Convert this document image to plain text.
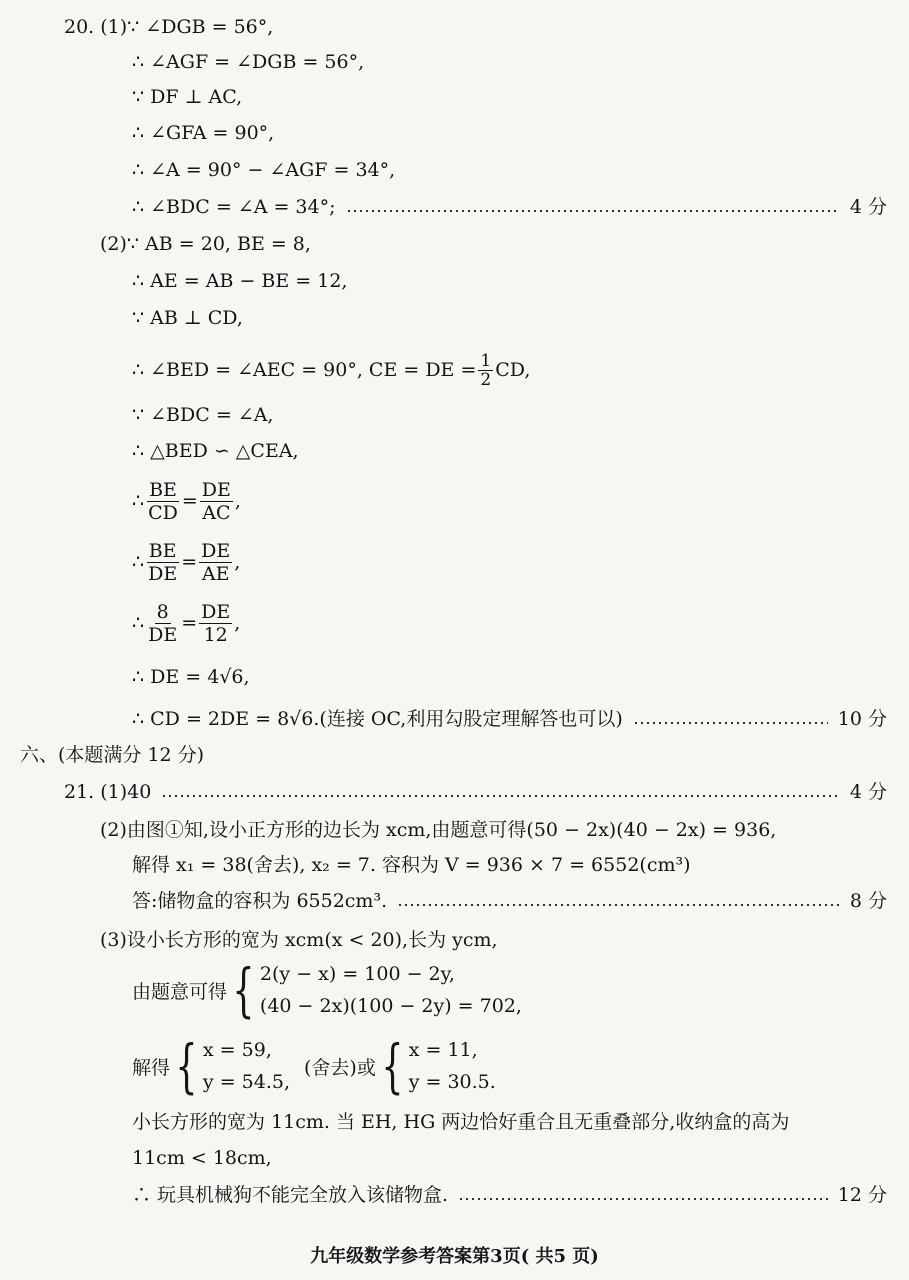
20. (1)∵ ∠DGB = 56°,
∴ ∠AGF = ∠DGB = 56°,
∵ DF ⊥ AC,
∴ ∠GFA = 90°,
∴ ∠A = 90° − ∠AGF = 34°,
∴ ∠BDC = ∠A = 34°;	4 分
(2)∵ AB = 20, BE = 8,
∴ AE = AB − BE = 12,
∵ AB ⊥ CD,
∴ ∠BED = ∠AEC = 90°, CE = DE = $\frac{1}{2}$ CD,
∵ ∠BDC = ∠A,
∴ △BED ∽ △CEA,
∴ $\frac{BE}{CD} = \frac{DE}{AC}$ ,
∴ $\frac{BE}{DE} = \frac{DE}{AE}$ ,
∴ $\frac{8}{DE} = \frac{DE}{12}$ ,
∴ DE = 4√6,
∴ CD = 2DE = 8√6.(连接 OC,利用勾股定理解答也可以)	10 分
六、(本题满分 12 分)
21. (1)40	4 分
(2)由图①知,设小正方形的边长为 xcm,由题意可得(50 − 2x)(40 − 2x) = 936,
解得 x₁ = 38(舍去), x₂ = 7. 容积为 V = 936 × 7 = 6552(cm³)
答:储物盒的容积为 6552cm³.	8 分
(3)设小长方形的宽为 xcm(x < 20),长为 ycm,
由题意可得 { 2(y − x) = 100 − 2y,
(40 − 2x)(100 − 2y) = 702,
解得 { x = 59,
y = 54.5,
(舍去)或 { x = 11,
y = 30.5.
小长方形的宽为 11cm. 当 EH, HG 两边恰好重合且无重叠部分,收纳盒的高为
11cm < 18cm,
∴ 玩具机械狗不能完全放入该储物盒.	12 分
九年级数学参考答案第3页( 共5 页)
